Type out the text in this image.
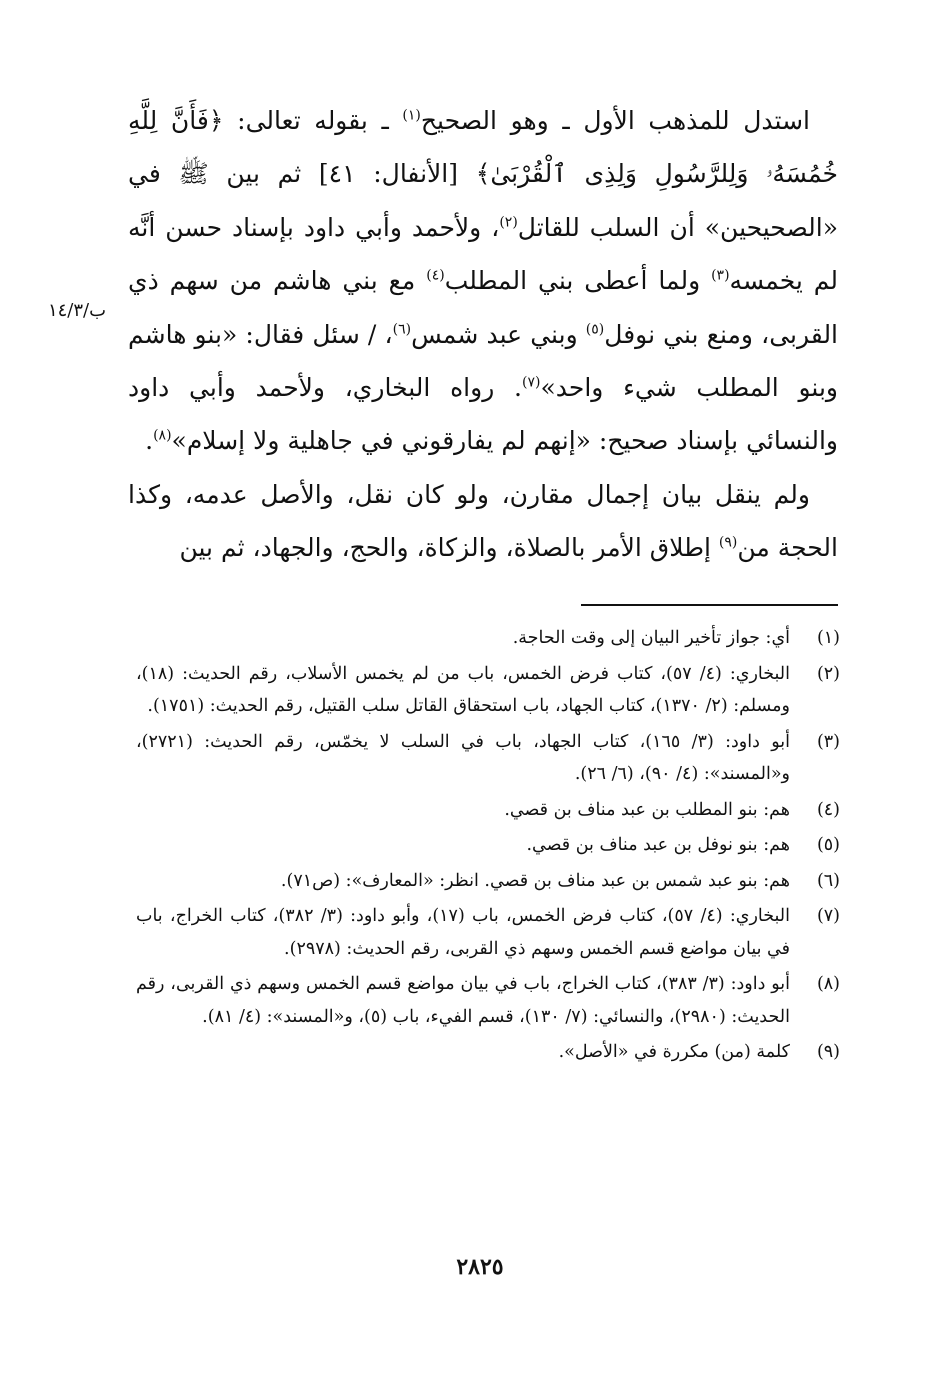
استدل للمذهب الأول ـ وهو الصحيح$^{(١)}$ ـ بقوله تعالى: ﴿فَأَنَّ لِلَّهِ خُمُسَهُۥ وَلِلرَّسُولِ وَلِذِى ٱلْقُرْبَىٰ﴾ [الأنفال: ٤١] ثم بين ﷺ في «الصحيحين» أن السلب للقاتل$^{(٢)}$، ولأحمد وأبي داود بإسناد حسن أنَّه لم يخمسه$^{(٣)}$ ولما أعطى بني المطلب$^{(٤)}$ مع بني هاشم من سهم ذي القربى، ومنع بني نوفل$^{(٥)}$ وبني عبد شمس$^{(٦)}$، / سئل فقال: «بنو هاشم وبنو المطلب شيء واحد»$^{(٧)}$. رواه البخاري، ولأحمد وأبي داود والنسائي بإسناد صحيح: «إنهم لم يفارقوني في جاهلية ولا إسلام»$^{(٨)}$.

ولم ينقل بيان إجمال مقارن، ولو كان نقل، والأصل عدمه، وكذا الحجة من$^{(٩)}$ إطلاق الأمر بالصلاة، والزكاة، والحج، والجهاد، ثم بين

ب/١٤/٣
(١)
أي: جواز تأخير البيان إلى وقت الحاجة.
(٢)
البخاري: (٤/ ٥٧)، كتاب فرض الخمس، باب من لم يخمس الأسلاب، رقم الحديث: (١٨)، ومسلم: (٢/ ١٣٧٠)، كتاب الجهاد، باب استحقاق القاتل سلب القتيل، رقم الحديث: (١٧٥١).
(٣)
أبو داود: (٣/ ١٦٥)، كتاب الجهاد، باب في السلب لا يخمّس، رقم الحديث: (٢٧٢١)، و«المسند»: (٤/ ٩٠)، (٦/ ٢٦).
(٤)
هم: بنو المطلب بن عبد مناف بن قصي.
(٥)
هم: بنو نوفل بن عبد مناف بن قصي.
(٦)
هم: بنو عبد شمس بن عبد مناف بن قصي. انظر: «المعارف»: (ص٧١).
(٧)
البخاري: (٤/ ٥٧)، كتاب فرض الخمس، باب (١٧)، وأبو داود: (٣/ ٣٨٢)، كتاب الخراج، باب في بيان مواضع قسم الخمس وسهم ذي القربى، رقم الحديث: (٢٩٧٨).
(٨)
أبو داود: (٣/ ٣٨٣)، كتاب الخراج، باب في بيان مواضع قسم الخمس وسهم ذي القربى، رقم الحديث: (٢٩٨٠)، والنسائي: (٧/ ١٣٠)، قسم الفيء، باب (٥)، و«المسند»: (٤/ ٨١).
(٩)
كلمة (من) مكررة في «الأصل».
٢٨٢٥
